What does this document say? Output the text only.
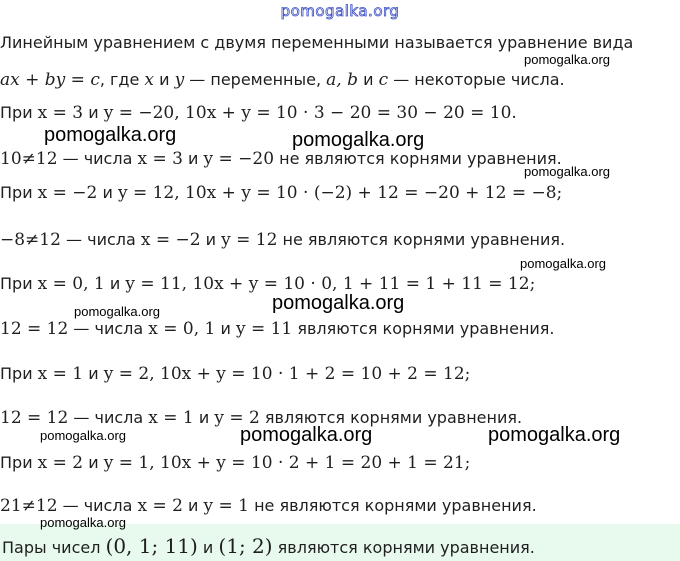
pomogalka.org
Линейным уравнением с двумя переменными называется уравнение вида
ax + by = c, где x и y — переменные, a, b и c — некоторые числа.
При x = 3 и y = −20, 10x + y = 10 · 3 − 20 = 30 − 20 = 10.
10≠12 — числа x = 3 и y = −20 не являются корнями уравнения.
При x = −2 и y = 12, 10x + y = 10 · (−2) + 12 = −20 + 12 = −8;
−8≠12 — числа x = −2 и y = 12 не являются корнями уравнения.
При x = 0, 1 и y = 11, 10x + y = 10 · 0, 1 + 11 = 1 + 11 = 12;
12 = 12 — числа x = 0, 1 и y = 11 являются корнями уравнения.
При x = 1 и y = 2, 10x + y = 10 · 1 + 2 = 10 + 2 = 12;
12 = 12 — числа x = 1 и y = 2 являются корнями уравнения.
При x = 2 и y = 1, 10x + y = 10 · 2 + 1 = 20 + 1 = 21;
21≠12 — числа x = 2 и y = 1 не являются корнями уравнения.
Пары чисел (0, 1; 11) и (1; 2) являются корнями уравнения.
pomogalka.org
pomogalka.org	pomogalka.org
pomogalka.org
pomogalka.org
pomogalka.org
pomogalka.org
pomogalka.org	pomogalka.org	pomogalka.org
pomogalka.org
